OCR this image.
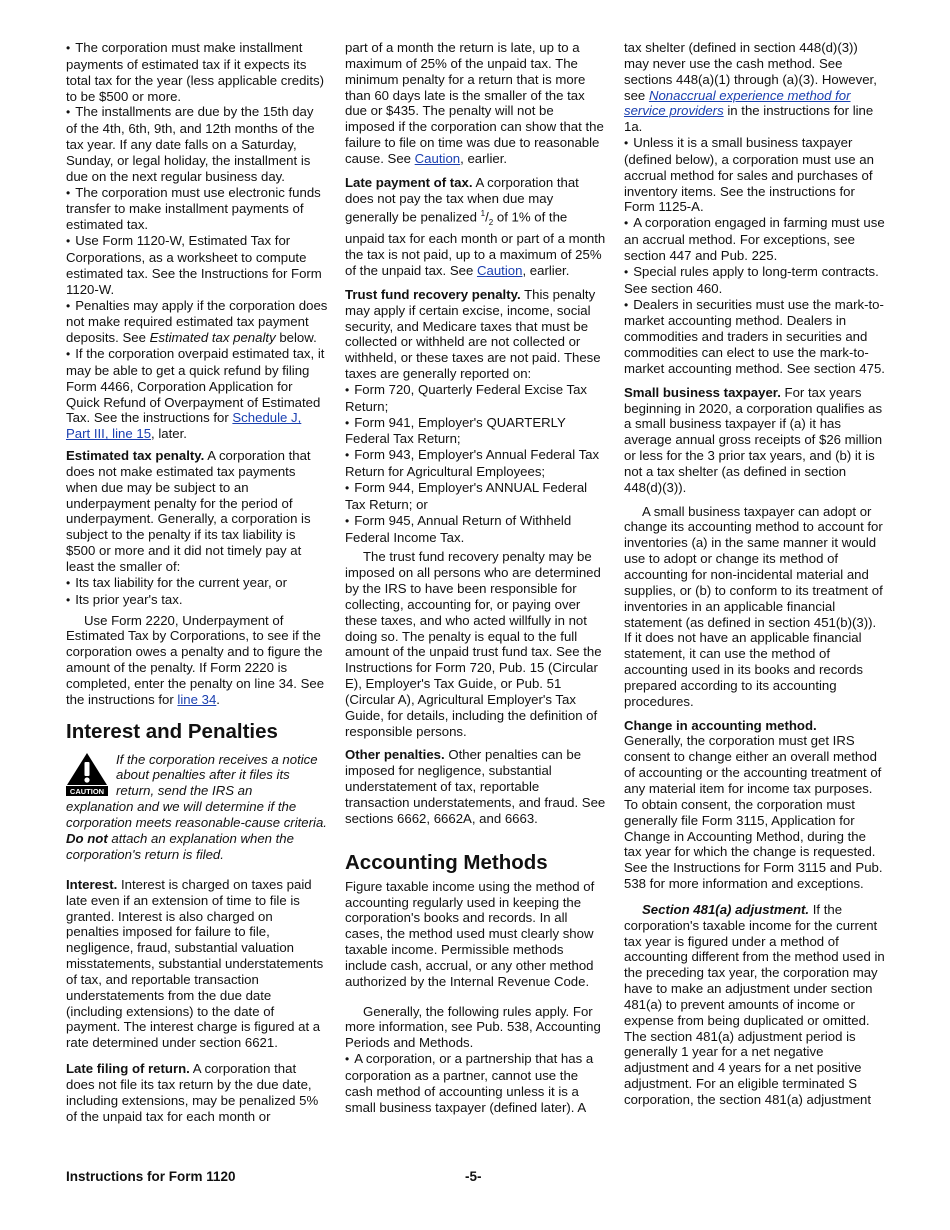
• The corporation must make installment payments of estimated tax if it expects its total tax for the year (less applicable credits) to be $500 or more.

• The installments are due by the 15th day of the 4th, 6th, 9th, and 12th months of the tax year. If any date falls on a Saturday, Sunday, or legal holiday, the installment is due on the next regular business day.

• The corporation must use electronic funds transfer to make installment payments of estimated tax.

• Use Form 1120-W, Estimated Tax for Corporations, as a worksheet to compute estimated tax. See the Instructions for Form 1120-W.

• Penalties may apply if the corporation does not make required estimated tax payment deposits. See Estimated tax penalty below.

• If the corporation overpaid estimated tax, it may be able to get a quick refund by filing Form 4466, Corporation Application for Quick Refund of Overpayment of Estimated Tax. See the instructions for Schedule J, Part III, line 15, later.

Estimated tax penalty. A corporation that does not make estimated tax payments when due may be subject to an underpayment penalty for the period of underpayment. Generally, a corporation is subject to the penalty if its tax liability is $500 or more and it did not timely pay at least the smaller of:

• Its tax liability for the current year, or

• Its prior year's tax.

Use Form 2220, Underpayment of Estimated Tax by Corporations, to see if the corporation owes a penalty and to figure the amount of the penalty. If Form 2220 is completed, enter the penalty on line 34. See the instructions for line 34.

Interest and Penalties
CAUTION
If the corporation receives a notice about penalties after it files its return, send the IRS an

explanation and we will determine if the corporation meets reasonable-cause criteria. Do not attach an explanation when the corporation's return is filed.

Interest. Interest is charged on taxes paid late even if an extension of time to file is granted. Interest is also charged on penalties imposed for failure to file, negligence, fraud, substantial valuation misstatements, substantial understatements of tax, and reportable transaction understatements from the due date (including extensions) to the date of payment. The interest charge is figured at a rate determined under section 6621.

Late filing of return. A corporation that does not file its tax return by the due date, including extensions, may be penalized 5% of the unpaid tax for each month or

part of a month the return is late, up to a maximum of 25% of the unpaid tax. The minimum penalty for a return that is more than 60 days late is the smaller of the tax due or $435. The penalty will not be imposed if the corporation can show that the failure to file on time was due to reasonable cause. See Caution, earlier.

Late payment of tax. A corporation that does not pay the tax when due may generally be penalized $^1/_2$ of 1% of the unpaid tax for each month or part of a month the tax is not paid, up to a maximum of 25% of the unpaid tax. See Caution, earlier.

Trust fund recovery penalty. This penalty may apply if certain excise, income, social security, and Medicare taxes that must be collected or withheld are not collected or withheld, or these taxes are not paid. These taxes are generally reported on:

• Form 720, Quarterly Federal Excise Tax Return;

• Form 941, Employer's QUARTERLY Federal Tax Return;

• Form 943, Employer's Annual Federal Tax Return for Agricultural Employees;

• Form 944, Employer's ANNUAL Federal Tax Return; or

• Form 945, Annual Return of Withheld Federal Income Tax.

The trust fund recovery penalty may be imposed on all persons who are determined by the IRS to have been responsible for collecting, accounting for, or paying over these taxes, and who acted willfully in not doing so. The penalty is equal to the full amount of the unpaid trust fund tax. See the Instructions for Form 720, Pub. 15 (Circular E), Employer's Tax Guide, or Pub. 51 (Circular A), Agricultural Employer's Tax Guide, for details, including the definition of responsible persons.

Other penalties. Other penalties can be imposed for negligence, substantial understatement of tax, reportable transaction understatements, and fraud. See sections 6662, 6662A, and 6663.

Accounting Methods

Figure taxable income using the method of accounting regularly used in keeping the corporation's books and records. In all cases, the method used must clearly show taxable income. Permissible methods include cash, accrual, or any other method authorized by the Internal Revenue Code.

Generally, the following rules apply. For more information, see Pub. 538, Accounting Periods and Methods.

• A corporation, or a partnership that has a corporation as a partner, cannot use the cash method of accounting unless it is a small business taxpayer (defined later). A

tax shelter (defined in section 448(d)(3)) may never use the cash method. See sections 448(a)(1) through (a)(3). However, see Nonaccrual experience method for service providers in the instructions for line 1a.

• Unless it is a small business taxpayer (defined below), a corporation must use an accrual method for sales and purchases of inventory items. See the instructions for Form 1125-A.

• A corporation engaged in farming must use an accrual method. For exceptions, see section 447 and Pub. 225.

• Special rules apply to long-term contracts. See section 460.

• Dealers in securities must use the mark-to-market accounting method. Dealers in commodities and traders in securities and commodities can elect to use the mark-to-market accounting method. See section 475.

Small business taxpayer. For tax years beginning in 2020, a corporation qualifies as a small business taxpayer if (a) it has average annual gross receipts of $26 million or less for the 3 prior tax years, and (b) it is not a tax shelter (as defined in section 448(d)(3)).

A small business taxpayer can adopt or change its accounting method to account for inventories (a) in the same manner it would use to adopt or change its method of accounting for non-incidental material and supplies, or (b) to conform to its treatment of inventories in an applicable financial statement (as defined in section 451(b)(3)). If it does not have an applicable financial statement, it can use the method of accounting used in its books and records prepared according to its accounting procedures.

Change in accounting method.

Generally, the corporation must get IRS consent to change either an overall method of accounting or the accounting treatment of any material item for income tax purposes. To obtain consent, the corporation must generally file Form 3115, Application for Change in Accounting Method, during the tax year for which the change is requested. See the Instructions for Form 3115 and Pub. 538 for more information and exceptions.

Section 481(a) adjustment. If the corporation's taxable income for the current tax year is figured under a method of accounting different from the method used in the preceding tax year, the corporation may have to make an adjustment under section 481(a) to prevent amounts of income or expense from being duplicated or omitted. The section 481(a) adjustment period is generally 1 year for a net negative adjustment and 4 years for a net positive adjustment. For an eligible terminated S corporation, the section 481(a) adjustment

Instructions for Form 1120	-5-
